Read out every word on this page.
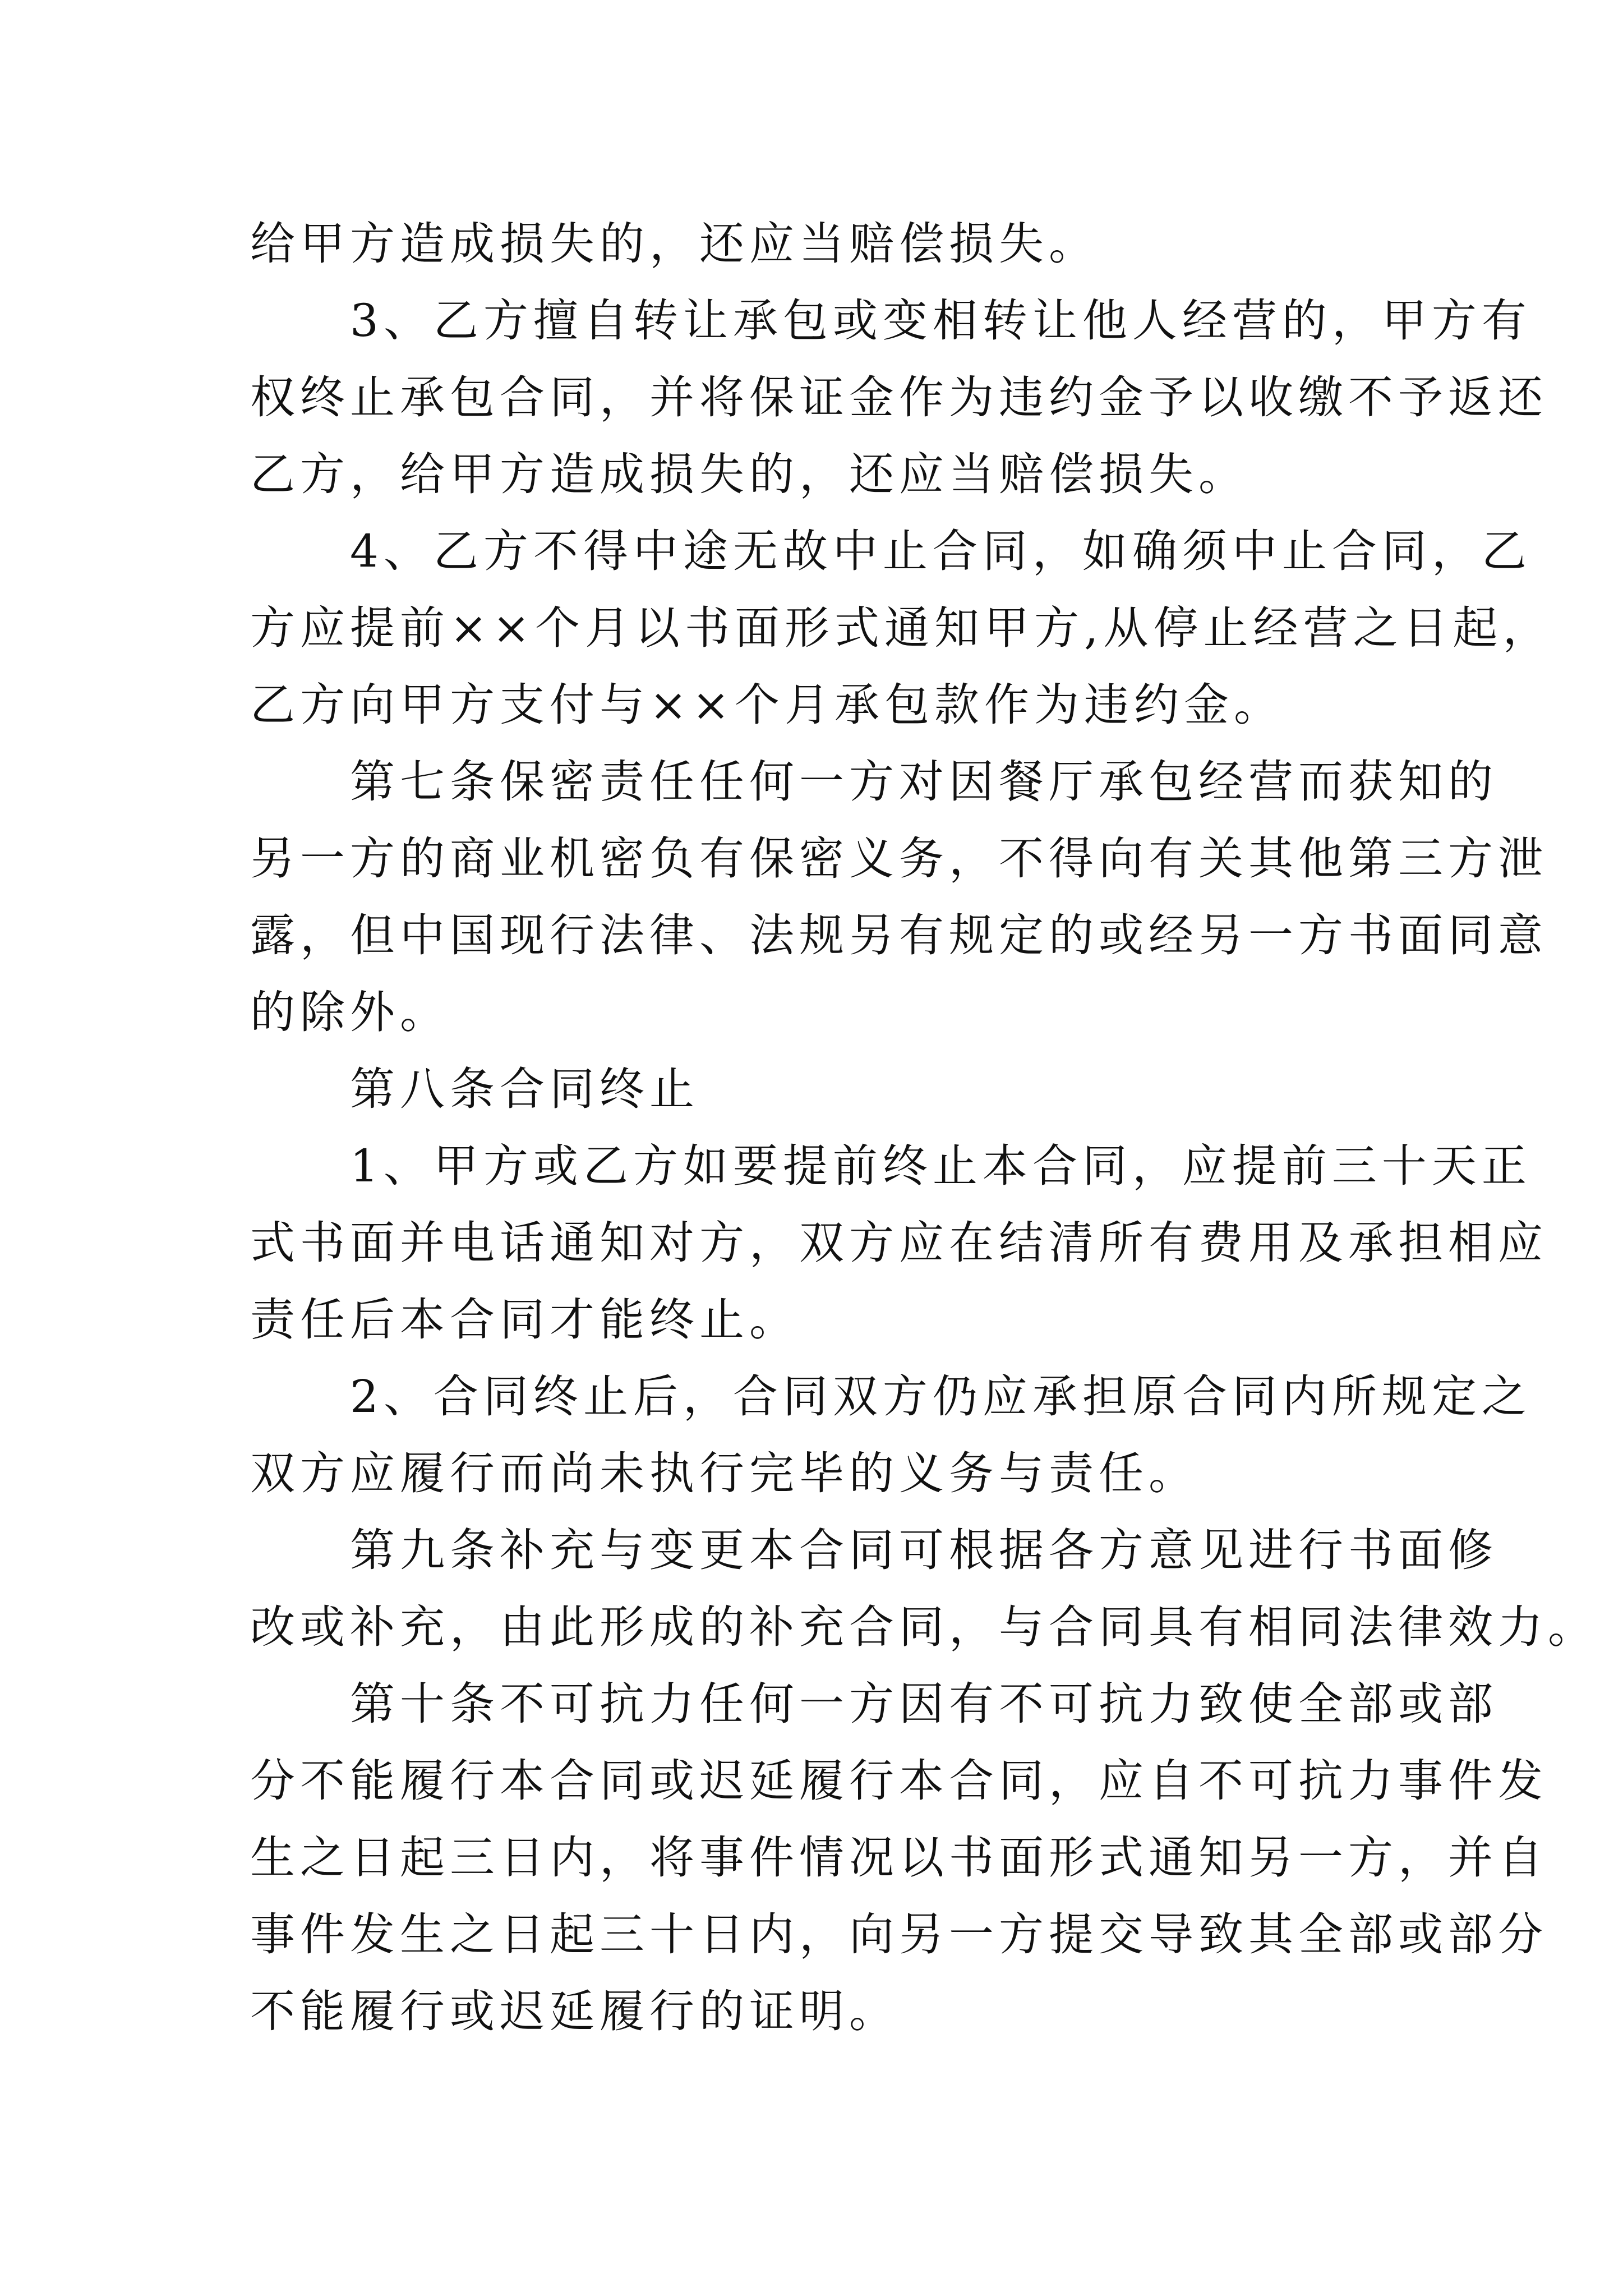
给甲方造成损失的，还应当赔偿损失。
　　3、乙方擅自转让承包或变相转让他人经营的，甲方有
权终止承包合同，并将保证金作为违约金予以收缴不予返还
乙方，给甲方造成损失的，还应当赔偿损失。
　　4、乙方不得中途无故中止合同，如确须中止合同，乙
方应提前××个月以书面形式通知甲方,从停止经营之日起，
乙方向甲方支付与××个月承包款作为违约金。
　　第七条保密责任任何一方对因餐厅承包经营而获知的
另一方的商业机密负有保密义务，不得向有关其他第三方泄
露，但中国现行法律、法规另有规定的或经另一方书面同意
的除外。
　　第八条合同终止
　　1、甲方或乙方如要提前终止本合同，应提前三十天正
式书面并电话通知对方，双方应在结清所有费用及承担相应
责任后本合同才能终止。
　　2、合同终止后，合同双方仍应承担原合同内所规定之
双方应履行而尚未执行完毕的义务与责任。
　　第九条补充与变更本合同可根据各方意见进行书面修
改或补充，由此形成的补充合同，与合同具有相同法律效力。
　　第十条不可抗力任何一方因有不可抗力致使全部或部
分不能履行本合同或迟延履行本合同，应自不可抗力事件发
生之日起三日内，将事件情况以书面形式通知另一方，并自
事件发生之日起三十日内，向另一方提交导致其全部或部分
不能履行或迟延履行的证明。
